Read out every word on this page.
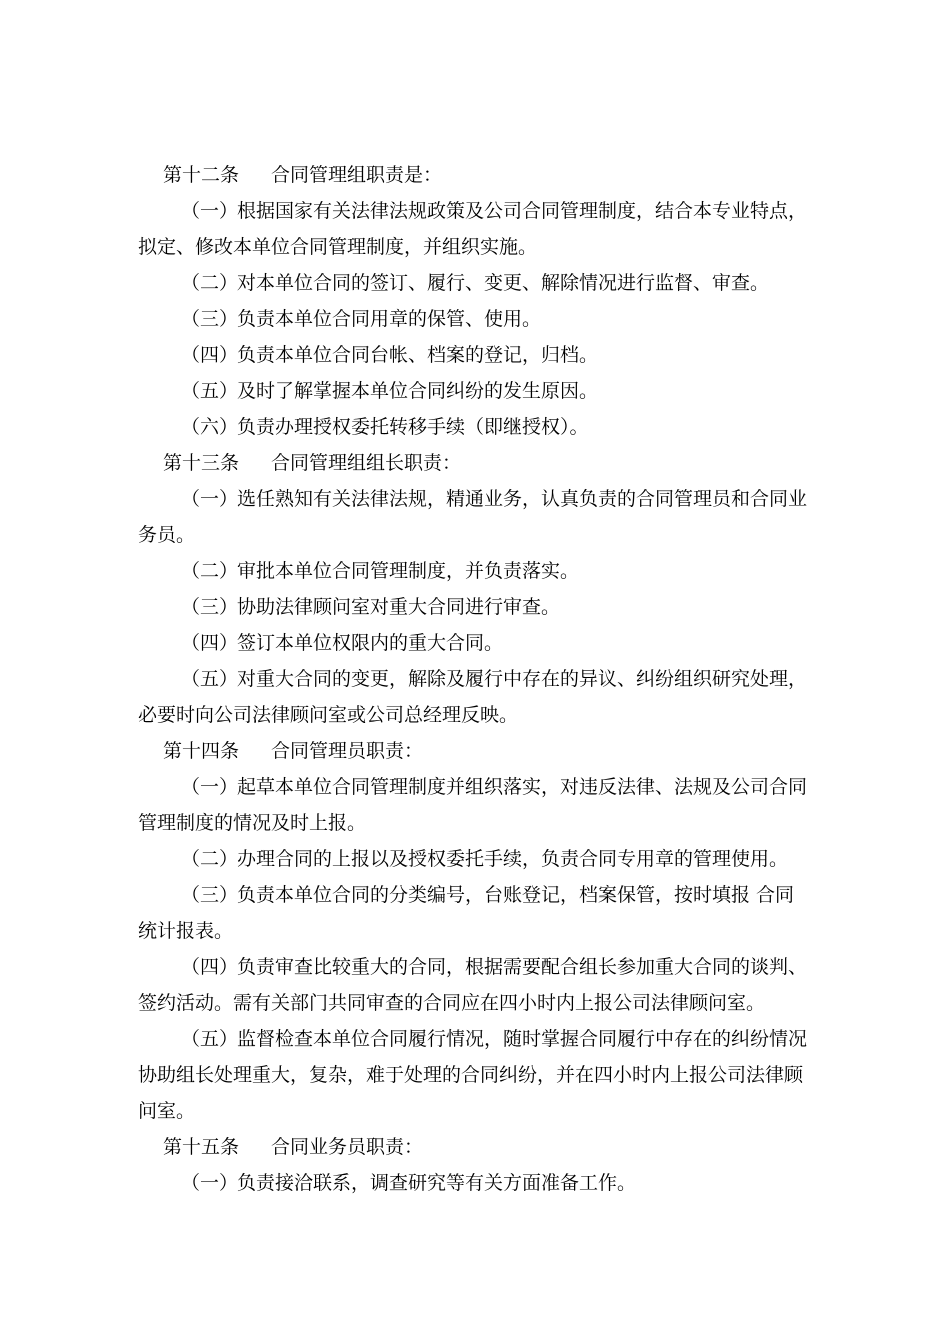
第十二条 合同管理组职责是：
（一）根据国家有关法律法规政策及公司合同管理制度，结合本专业特点，
拟定、修改本单位合同管理制度，并组织实施。
（二）对本单位合同的签订、履行、变更、解除情况进行监督、审查。
（三）负责本单位合同用章的保管、使用。
（四）负责本单位合同台帐、档案的登记，归档。
（五）及时了解掌握本单位合同纠纷的发生原因。
（六）负责办理授权委托转移手续（即继授权）。
第十三条 合同管理组组长职责：
（一）选任熟知有关法律法规，精通业务，认真负责的合同管理员和合同业
务员。
（二）审批本单位合同管理制度，并负责落实。
（三）协助法律顾问室对重大合同进行审查。
（四）签订本单位权限内的重大合同。
（五）对重大合同的变更，解除及履行中存在的异议、纠纷组织研究处理，
必要时向公司法律顾问室或公司总经理反映。
第十四条 合同管理员职责：
（一）起草本单位合同管理制度并组织落实，对违反法律、法规及公司合同
管理制度的情况及时上报。
（二）办理合同的上报以及授权委托手续，负责合同专用章的管理使用。
（三）负责本单位合同的分类编号，台账登记，档案保管，按时填报 合同
统计报表。
（四）负责审查比较重大的合同，根据需要配合组长参加重大合同的谈判、
签约活动。需有关部门共同审查的合同应在四小时内上报公司法律顾问室。
（五）监督检查本单位合同履行情况，随时掌握合同履行中存在的纠纷情况
协助组长处理重大，复杂，难于处理的合同纠纷，并在四小时内上报公司法律顾
问室。
第十五条 合同业务员职责：
（一）负责接洽联系，调查研究等有关方面准备工作。
